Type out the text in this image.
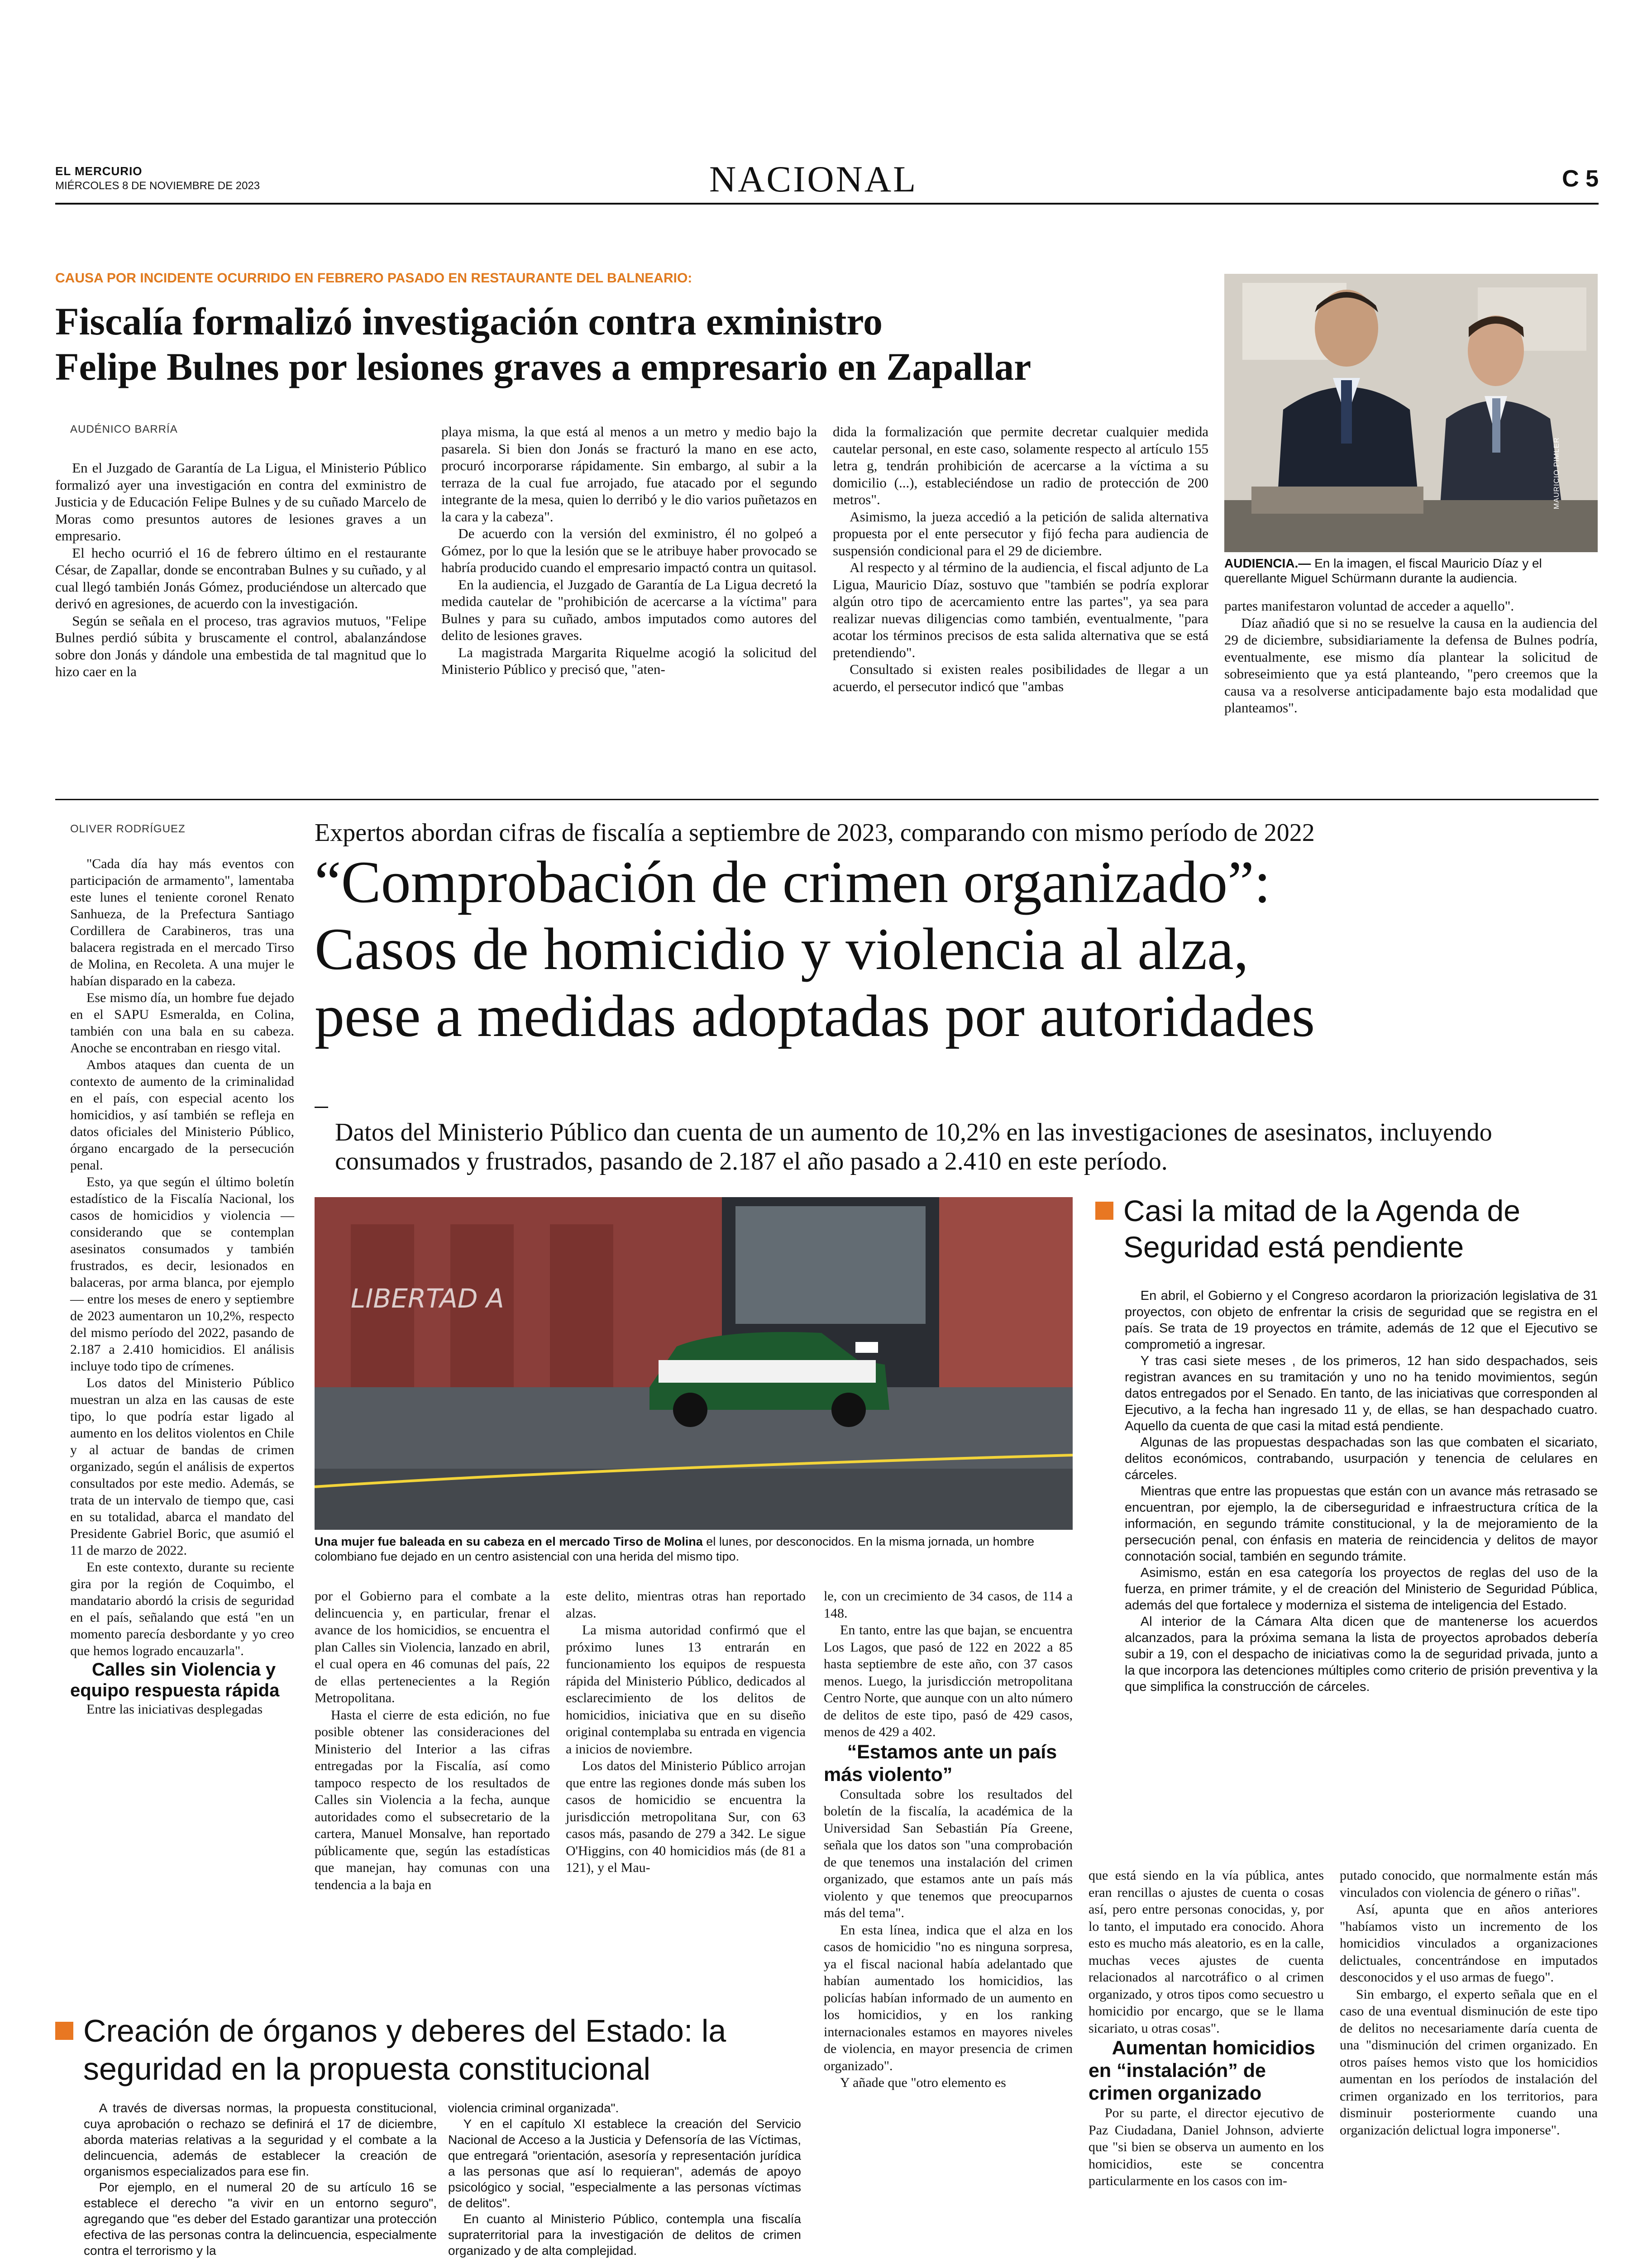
EL MERCURIO
MIÉRCOLES 8 DE NOVIEMBRE DE 2023	NACIONAL	C 5
CAUSA POR INCIDENTE OCURRIDO EN FEBRERO PASADO EN RESTAURANTE DEL BALNEARIO:
Fiscalía formalizó investigación contra exministro
Felipe Bulnes por lesiones graves a empresario en Zapallar
AUDÉNICO BARRÍA

En el Juzgado de Garantía de La Ligua, el Ministerio Público formalizó ayer una investigación en contra del exministro de Justicia y de Educación Felipe Bulnes y de su cuñado Marcelo de Moras como presuntos autores de lesiones graves a un empresario.

El hecho ocurrió el 16 de febrero último en el restaurante César, de Zapallar, donde se encontraban Bulnes y su cuñado, y al cual llegó también Jonás Gómez, produciéndose un altercado que derivó en agresiones, de acuerdo con la investigación.

Según se señala en el proceso, tras agravios mutuos, "Felipe Bulnes perdió súbita y bruscamente el control, abalanzándose sobre don Jonás y dándole una embestida de tal magnitud que lo hizo caer en la

playa misma, la que está al menos a un metro y medio bajo la pasarela. Si bien don Jonás se fracturó la mano en ese acto, procuró incorporarse rápidamente. Sin embargo, al subir a la terraza de la cual fue arrojado, fue atacado por el segundo integrante de la mesa, quien lo derribó y le dio varios puñetazos en la cara y la cabeza".

De acuerdo con la versión del exministro, él no golpeó a Gómez, por lo que la lesión que se le atribuye haber provocado se habría producido cuando el empresario impactó contra un quitasol.

En la audiencia, el Juzgado de Garantía de La Ligua decretó la medida cautelar de "prohibición de acercarse a la víctima" para Bulnes y para su cuñado, ambos imputados como autores del delito de lesiones graves.

La magistrada Margarita Riquelme acogió la solicitud del Ministerio Público y precisó que, "aten-

dida la formalización que permite decretar cualquier medida cautelar personal, en este caso, solamente respecto al artículo 155 letra g, tendrán prohibición de acercarse a la víctima a su domicilio (...), estableciéndose un radio de protección de 200 metros".

Asimismo, la jueza accedió a la petición de salida alternativa propuesta por el ente persecutor y fijó fecha para audiencia de suspensión condicional para el 29 de diciembre.

Al respecto y al término de la audiencia, el fiscal adjunto de La Ligua, Mauricio Díaz, sostuvo que "también se podría explorar algún otro tipo de acercamiento entre las partes", ya sea para realizar nuevas diligencias como también, eventualmente, "para acotar los términos precisos de esta salida alternativa que se está pretendiendo".

Consultado si existen reales posibilidades de llegar a un acuerdo, el persecutor indicó que "ambas

MAURICIO PIMLER
AUDIENCIA.— En la imagen, el fiscal Mauricio Díaz y el querellante Miguel Schürmann durante la audiencia.

partes manifestaron voluntad de acceder a aquello".

Díaz añadió que si no se resuelve la causa en la audiencia del 29 de diciembre, subsidiariamente la defensa de Bulnes podría, eventualmente, ese mismo día plantear la solicitud de sobreseimiento que ya está planteando, "pero creemos que la causa va a resolverse anticipadamente bajo esta modalidad que planteamos".

OLIVER RODRÍGUEZ	Expertos abordan cifras de fiscalía a septiembre de 2023, comparando con mismo período de 2022
“Comprobación de crimen organizado”:
Casos de homicidio y violencia al alza,
pese a medidas adoptadas por autoridades
Datos del Ministerio Público dan cuenta de un aumento de 10,2% en las investigaciones de asesinatos, incluyendo consumados y frustrados, pasando de 2.187 el año pasado a 2.410 en este período.

"Cada día hay más eventos con participación de armamento", lamentaba este lunes el teniente coronel Renato Sanhueza, de la Prefectura Santiago Cordillera de Carabineros, tras una balacera registrada en el mercado Tirso de Molina, en Recoleta. A una mujer le habían disparado en la cabeza.

Ese mismo día, un hombre fue dejado en el SAPU Esmeralda, en Colina, también con una bala en su cabeza. Anoche se encontraban en riesgo vital.

Ambos ataques dan cuenta de un contexto de aumento de la criminalidad en el país, con especial acento los homicidios, y así también se refleja en datos oficiales del Ministerio Público, órgano encargado de la persecución penal.

Esto, ya que según el último boletín estadístico de la Fiscalía Nacional, los casos de homicidios y violencia —considerando que se contemplan asesinatos consumados y también frustrados, es decir, lesionados en balaceras, por arma blanca, por ejemplo— entre los meses de enero y septiembre de 2023 aumentaron un 10,2%, respecto del mismo período del 2022, pasando de 2.187 a 2.410 homicidios. El análisis incluye todo tipo de crímenes.

Los datos del Ministerio Público muestran un alza en las causas de este tipo, lo que podría estar ligado al aumento en los delitos violentos en Chile y al actuar de bandas de crimen organizado, según el análisis de expertos consultados por este medio. Además, se trata de un intervalo de tiempo que, casi en su totalidad, abarca el mandato del Presidente Gabriel Boric, que asumió el 11 de marzo de 2022.

En este contexto, durante su reciente gira por la región de Coquimbo, el mandatario abordó la crisis de seguridad en el país, señalando que está "en un momento parecía desbordante y yo creo que hemos logrado encauzarla".

Calles sin Violencia y equipo respuesta rápida

Entre las iniciativas desplegadas

LIBERTAD A
Una mujer fue baleada en su cabeza en el mercado Tirso de Molina el lunes, por desconocidos. En la misma jornada, un hombre colombiano fue dejado en un centro asistencial con una herida del mismo tipo.

por el Gobierno para el combate a la delincuencia y, en particular, frenar el avance de los homicidios, se encuentra el plan Calles sin Violencia, lanzado en abril, el cual opera en 46 comunas del país, 22 de ellas pertenecientes a la Región Metropolitana.

Hasta el cierre de esta edición, no fue posible obtener las consideraciones del Ministerio del Interior a las cifras entregadas por la Fiscalía, así como tampoco respecto de los resultados de Calles sin Violencia a la fecha, aunque autoridades como el subsecretario de la cartera, Manuel Monsalve, han reportado públicamente que, según las estadísticas que manejan, hay comunas con una tendencia a la baja en

este delito, mientras otras han reportado alzas.

La misma autoridad confirmó que el próximo lunes 13 entrarán en funcionamiento los equipos de respuesta rápida del Ministerio Público, dedicados al esclarecimiento de los delitos de homicidios, iniciativa que en su diseño original contemplaba su entrada en vigencia a inicios de noviembre.

Los datos del Ministerio Público arrojan que entre las regiones donde más suben los casos de homicidio se encuentra la jurisdicción metropolitana Sur, con 63 casos más, pasando de 279 a 342. Le sigue O'Higgins, con 40 homicidios más (de 81 a 121), y el Mau-

le, con un crecimiento de 34 casos, de 114 a 148.

En tanto, entre las que bajan, se encuentra Los Lagos, que pasó de 122 en 2022 a 85 hasta septiembre de este año, con 37 casos menos. Luego, la jurisdicción metropolitana Centro Norte, que aunque con un alto número de delitos de este tipo, pasó de 429 casos, menos de 429 a 402.

“Estamos ante un país más violento”

Consultada sobre los resultados del boletín de la fiscalía, la académica de la Universidad San Sebastián Pía Greene, señala que los datos son "una comprobación de que tenemos una instalación del crimen organizado, que estamos ante un país más violento y que tenemos que preocuparnos más del tema".

En esta línea, indica que el alza en los casos de homicidio "no es ninguna sorpresa, ya el fiscal nacional había adelantado que habían aumentado los homicidios, las policías habían informado de un aumento en los homicidios, y en los ranking internacionales estamos en mayores niveles de violencia, en mayor presencia de crimen organizado".

Y añade que "otro elemento es

que está siendo en la vía pública, antes eran rencillas o ajustes de cuenta o cosas así, pero entre personas conocidas, y, por lo tanto, el imputado era conocido. Ahora esto es mucho más aleatorio, es en la calle, muchas veces ajustes de cuenta relacionados al narcotráfico o al crimen organizado, y otros tipos como secuestro u homicidio por encargo, que se le llama sicariato, u otras cosas".

Aumentan homicidios en “instalación” de crimen organizado

Por su parte, el director ejecutivo de Paz Ciudadana, Daniel Johnson, advierte que "si bien se observa un aumento en los homicidios, este se concentra particularmente en los casos con im-

putado conocido, que normalmente están más vinculados con violencia de género o riñas".

Así, apunta que en años anteriores "habíamos visto un incremento de los homicidios vinculados a organizaciones delictuales, concentrándose en imputados desconocidos y el uso armas de fuego".

Sin embargo, el experto señala que en el caso de una eventual disminución de este tipo de delitos no necesariamente daría cuenta de una "disminución del crimen organizado. En otros países hemos visto que los homicidios aumentan en los períodos de instalación del crimen organizado en los territorios, para disminuir posteriormente cuando una organización delictual logra imponerse".

Casi la mitad de la Agenda de
Seguridad está pendiente

En abril, el Gobierno y el Congreso acordaron la priorización legislativa de 31 proyectos, con objeto de enfrentar la crisis de seguridad que se registra en el país. Se trata de 19 proyectos en trámite, además de 12 que el Ejecutivo se comprometió a ingresar.

Y tras casi siete meses , de los primeros, 12 han sido despachados, seis registran avances en su tramitación y uno no ha tenido movimientos, según datos entregados por el Senado. En tanto, de las iniciativas que corresponden al Ejecutivo, a la fecha han ingresado 11 y, de ellas, se han despachado cuatro. Aquello da cuenta de que casi la mitad está pendiente.

Algunas de las propuestas despachadas son las que combaten el sicariato, delitos económicos, contrabando, usurpación y tenencia de celulares en cárceles.

Mientras que entre las propuestas que están con un avance más retrasado se encuentran, por ejemplo, la de ciberseguridad e infraestructura crítica de la información, en segundo trámite constitucional, y la de mejoramiento de la persecución penal, con énfasis en materia de reincidencia y delitos de mayor connotación social, también en segundo trámite.

Asimismo, están en esa categoría los proyectos de reglas del uso de la fuerza, en primer trámite, y el de creación del Ministerio de Seguridad Pública, además del que fortalece y moderniza el sistema de inteligencia del Estado.

Al interior de la Cámara Alta dicen que de mantenerse los acuerdos alcanzados, para la próxima semana la lista de proyectos aprobados debería subir a 19, con el despacho de iniciativas como la de seguridad privada, junto a la que incorpora las detenciones múltiples como criterio de prisión preventiva y la que simplifica la construcción de cárceles.

Creación de órganos y deberes del Estado: la
seguridad en la propuesta constitucional

A través de diversas normas, la propuesta constitucional, cuya aprobación o rechazo se definirá el 17 de diciembre, aborda materias relativas a la seguridad y el combate a la delincuencia, además de establecer la creación de organismos especializados para ese fin.

Por ejemplo, en el numeral 20 de su artículo 16 se establece el derecho "a vivir en un entorno seguro", agregando que "es deber del Estado garantizar una protección efectiva de las personas contra la delincuencia, especialmente contra el terrorismo y la

violencia criminal organizada".

Y en el capítulo XI establece la creación del Servicio Nacional de Acceso a la Justicia y Defensoría de las Víctimas, que entregará "orientación, asesoría y representación jurídica a las personas que así lo requieran", además de apoyo psicológico y social, "especialmente a las personas víctimas de delitos".

En cuanto al Ministerio Público, contempla una fiscalía supraterritorial para la investigación de delitos de crimen organizado y de alta complejidad.
